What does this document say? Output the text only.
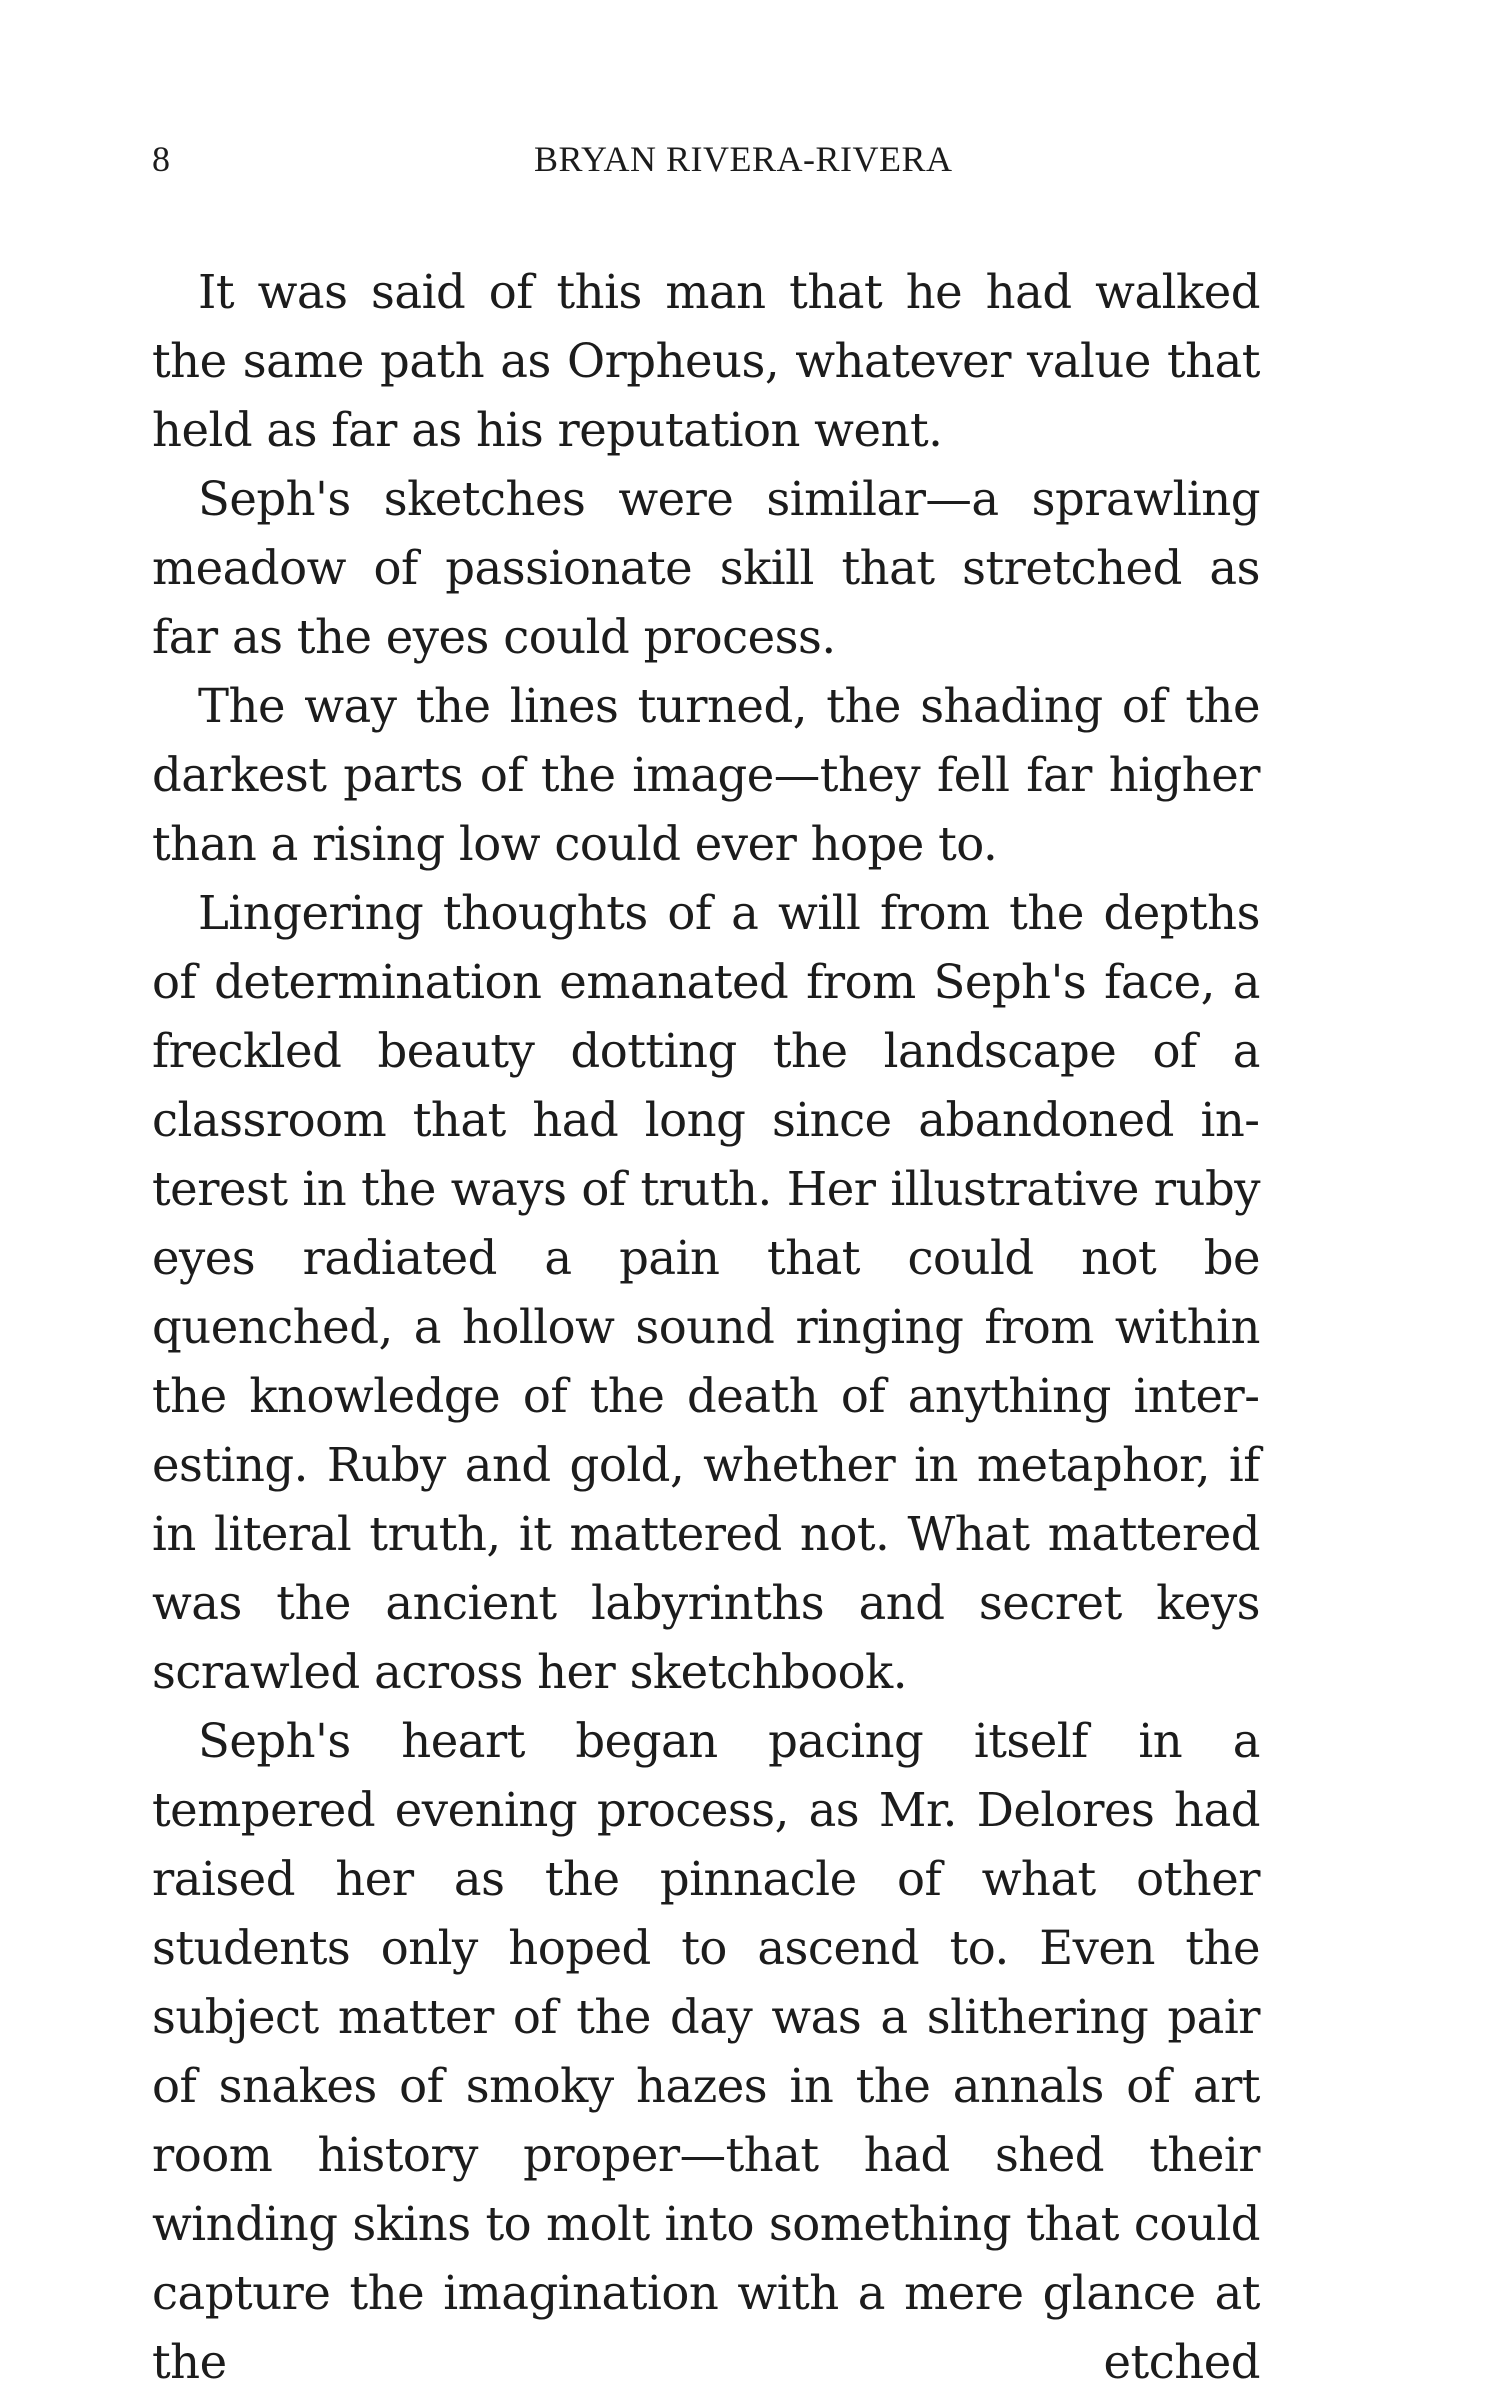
8	BRYAN RIVERA-RIVERA

It was said of this man that he had walked the same path as Orpheus, whatever value that held as far as his reputation went.

Seph's sketches were similar—a sprawling meadow of passionate skill that stretched as far as the eyes could process.

The way the lines turned, the shading of the darkest parts of the image—they fell far higher than a rising low could ever hope to.

Lingering thoughts of a will from the depths of determination emanated from Seph's face, a freckled beauty dotting the landscape of a classroom that had long since abandoned interest in the ways of truth. Her illustrative ruby eyes radiated a pain that could not be quenched, a hollow sound ringing from within the knowledge of the death of anything interesting. Ruby and gold, whether in metaphor, if in literal truth, it mattered not. What mattered was the ancient labyrinths and secret keys scrawled across her sketchbook.

Seph's heart began pacing itself in a tempered evening process, as Mr. Delores had raised her as the pinnacle of what other students only hoped to ascend to. Even the subject matter of the day was a slithering pair of snakes of smoky hazes in the annals of art room history proper—that had shed their winding skins to molt into something that could capture the imagination with a mere glance at the etched
